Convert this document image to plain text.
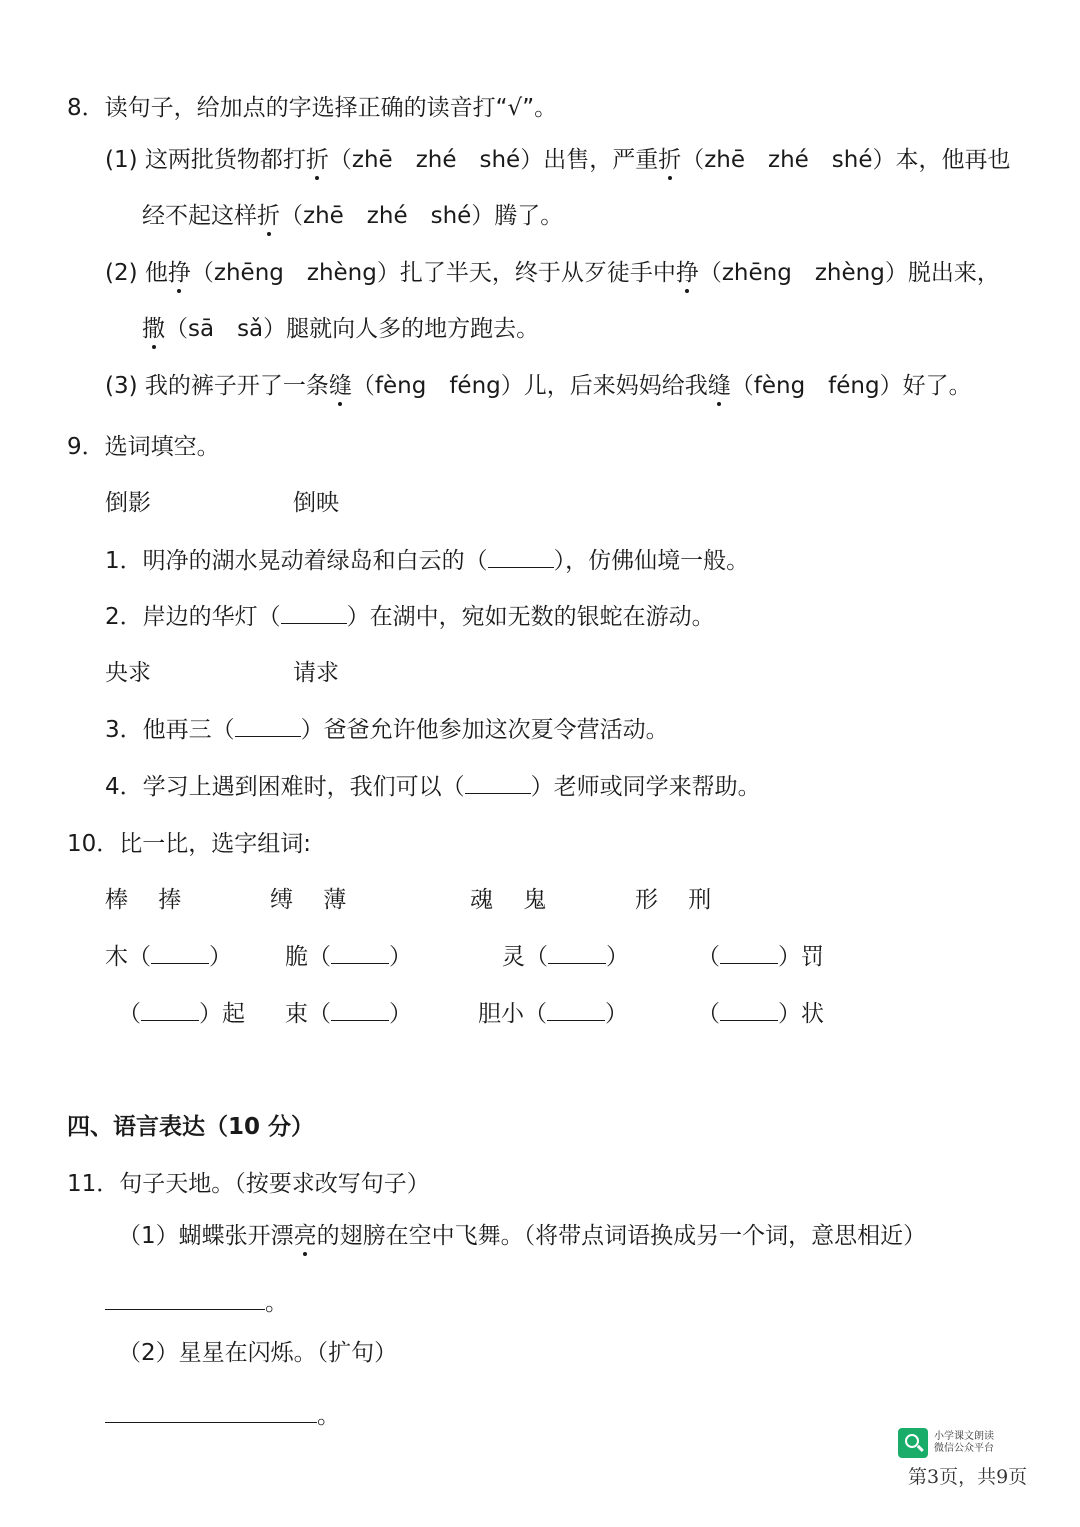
8．读句子，给加点的字选择正确的读音打“√”。
(1) 这两批货物都打折（zhē　zhé　shé）出售，严重折（zhē　zhé　shé）本，他再也
经不起这样折（zhē　zhé　shé）腾了。
(2) 他挣（zhēng　zhèng）扎了半天，终于从歹徒手中挣（zhēng　zhèng）脱出来，
撒（sā　sǎ）腿就向人多的地方跑去。
(3) 我的裤子开了一条缝（fèng　féng）儿，后来妈妈给我缝（fèng　féng）好了。
9．选词填空。
倒影	倒映
1．明净的湖水晃动着绿岛和白云的（	），仿佛仙境一般。
2．岸边的华灯（	）在湖中，宛如无数的银蛇在游动。
央求	请求
3．他再三（	）爸爸允许他参加这次夏令营活动。
4．学习上遇到困难时，我们可以（	）老师或同学来帮助。
10．比一比，选字组词:
棒　 捧	缚　 薄	魂　 鬼	形　 刑
木（	） 脆（	）	灵（	）	（	）罚
（	）起 束（	）	胆小（	）	（	）状
四、语言表达（10 分）
11．句子天地。（按要求改写句子）
（1）蝴蝶张开漂亮的翅膀在空中飞舞。（将带点词语换成另一个词，意思相近）
。
（2）星星在闪烁。（扩句）
。
小学课文朗读
微信公众平台
第3页，共9页
